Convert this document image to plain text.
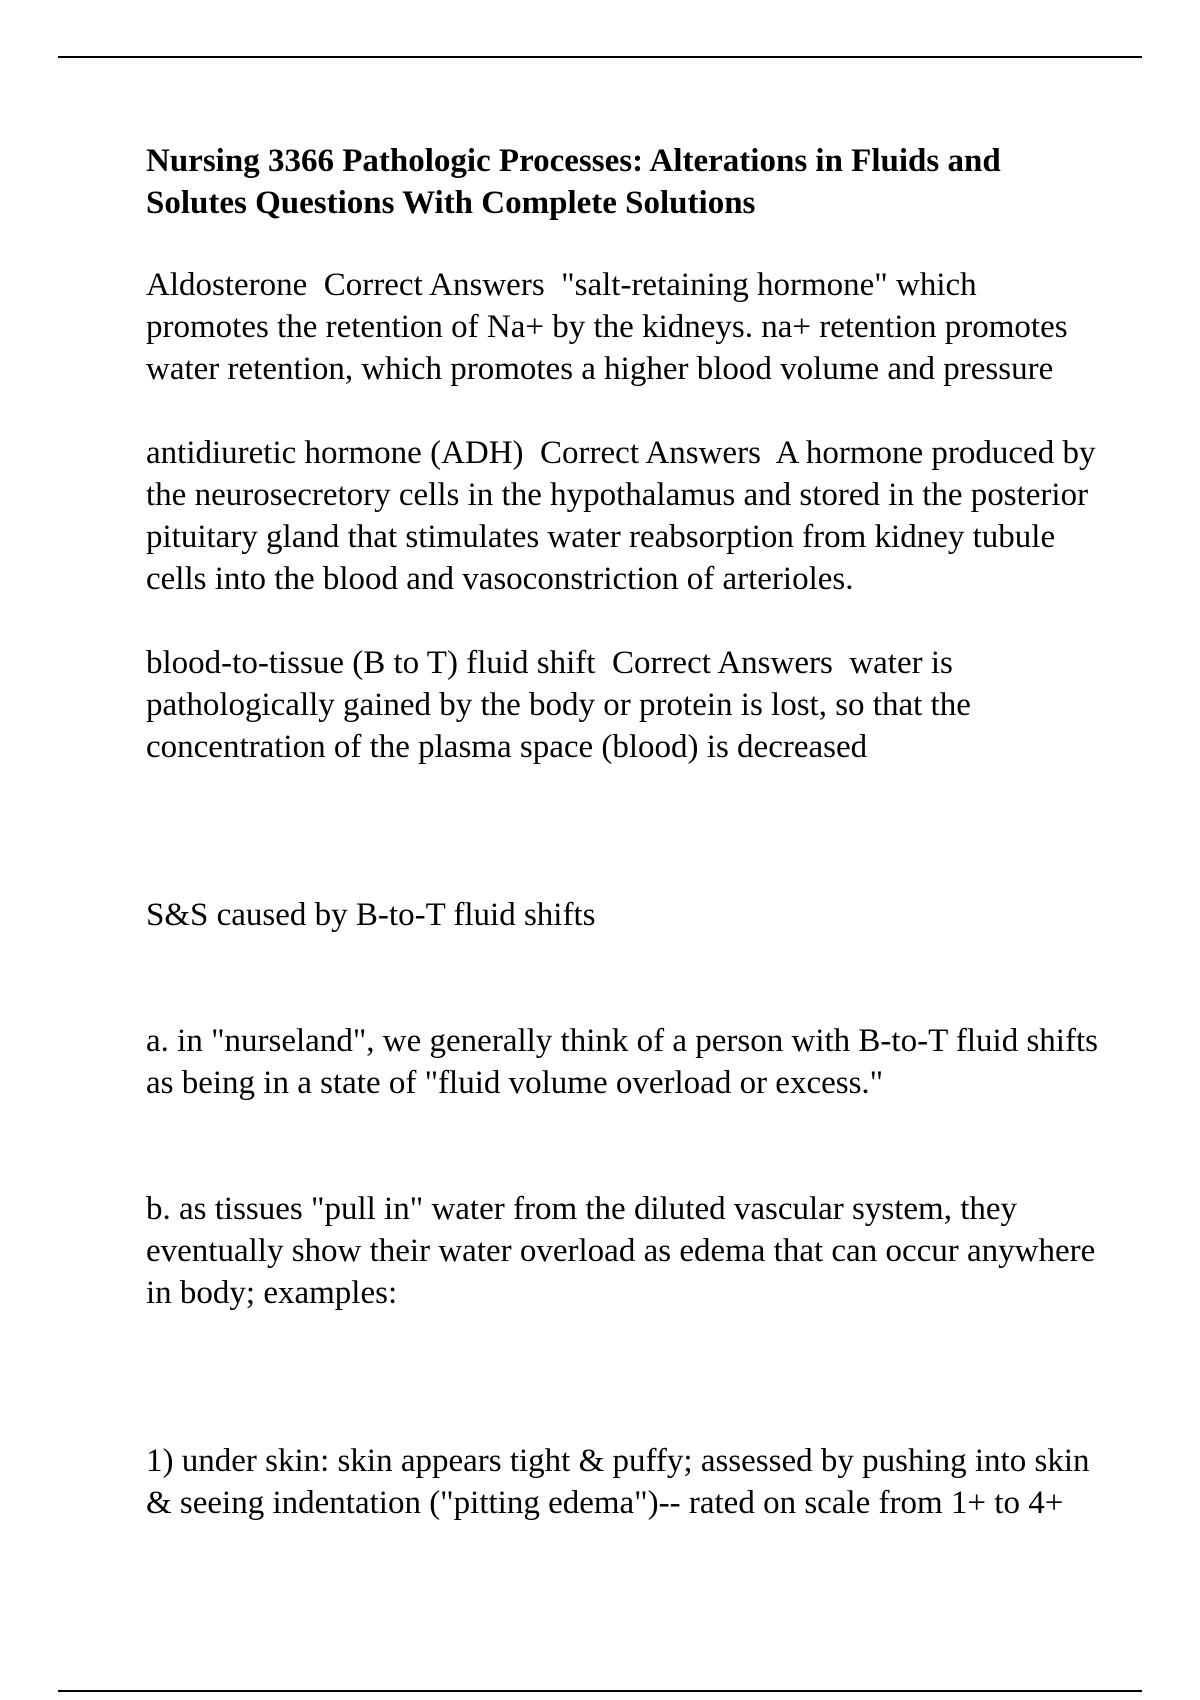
Nursing 3366 Pathologic Processes: Alterations in Fluids and Solutes Questions With Complete Solutions
Aldosterone  Correct Answers  "salt-retaining hormone" which promotes the retention of Na+ by the kidneys. na+ retention promotes water retention, which promotes a higher blood volume and pressure
antidiuretic hormone (ADH)  Correct Answers  A hormone produced by the neurosecretory cells in the hypothalamus and stored in the posterior pituitary gland that stimulates water reabsorption from kidney tubule cells into the blood and vasoconstriction of arterioles.
blood-to-tissue (B to T) fluid shift  Correct Answers  water is pathologically gained by the body or protein is lost, so that the concentration of the plasma space (blood) is decreased

S&S caused by B-to-T fluid shifts

a. in "nurseland", we generally think of a person with B-to-T fluid shifts as being in a state of "fluid volume overload or excess."

b. as tissues "pull in" water from the diluted vascular system, they eventually show their water overload as edema that can occur anywhere in body; examples:

1) under skin: skin appears tight & puffy; assessed by pushing into skin & seeing indentation ("pitting edema")-- rated on scale from 1+ to 4+
